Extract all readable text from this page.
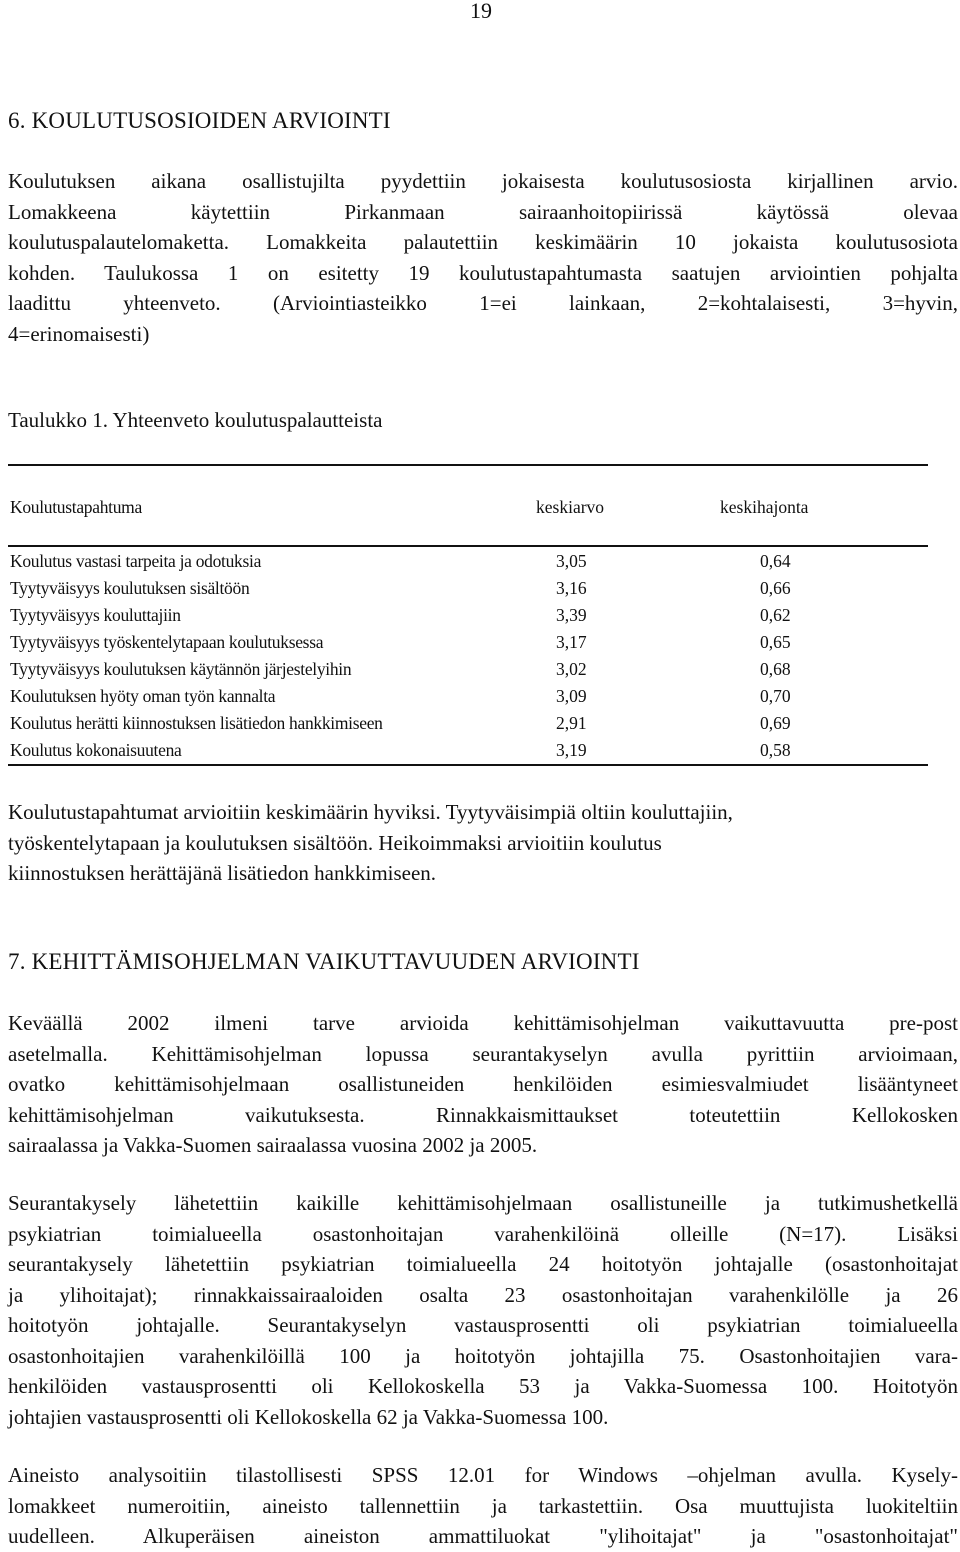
19
6. KOULUTUSOSIOIDEN ARVIOINTI

Koulutuksen aikana osallistujilta pyydettiin jokaisesta koulutusosiosta kirjallinen arvio.
Lomakkeena käytettiin Pirkanmaan sairaanhoitopiirissä käytössä olevaa
koulutuspalautelomaketta. Lomakkeita palautettiin keskimäärin 10 jokaista koulutusosiota
kohden. Taulukossa 1 on esitetty 19 koulutustapahtumasta saatujen arviointien pohjalta
laadittu yhteenveto. (Arviointiasteikko 1=ei lainkaan, 2=kohtalaisesti, 3=hyvin,
4=erinomaisesti)

Taulukko 1. Yhteenveto koulutuspalautteista

Koulutustapahtuma	keskiarvo	keskihajonta
Koulutus vastasi tarpeita ja odotuksia	3,05	0,64
Tyytyväisyys koulutuksen sisältöön	3,16	0,66
Tyytyväisyys kouluttajiin	3,39	0,62
Tyytyväisyys työskentelytapaan koulutuksessa	3,17	0,65
Tyytyväisyys koulutuksen käytännön järjestelyihin	3,02	0,68
Koulutuksen hyöty oman työn kannalta	3,09	0,70
Koulutus herätti kiinnostuksen lisätiedon hankkimiseen	2,91	0,69
Koulutus kokonaisuutena	3,19	0,58

Koulutustapahtumat arvioitiin keskimäärin hyviksi. Tyytyväisimpiä oltiin kouluttajiin,
työskentelytapaan ja koulutuksen sisältöön. Heikoimmaksi arvioitiin koulutus
kiinnostuksen herättäjänä lisätiedon hankkimiseen.

7. KEHITTÄMISOHJELMAN VAIKUTTAVUUDEN ARVIOINTI

Keväällä 2002 ilmeni tarve arvioida kehittämisohjelman vaikuttavuutta pre-post
asetelmalla. Kehittämisohjelman lopussa seurantakyselyn avulla pyrittiin arvioimaan,
ovatko kehittämisohjelmaan osallistuneiden henkilöiden esimiesvalmiudet lisääntyneet
kehittämisohjelman vaikutuksesta. Rinnakkaismittaukset toteutettiin Kellokosken
sairaalassa ja Vakka-Suomen sairaalassa vuosina 2002 ja 2005.

Seurantakysely lähetettiin kaikille kehittämisohjelmaan osallistuneille ja tutkimushetkellä
psykiatrian toimialueella osastonhoitajan varahenkilöinä olleille (N=17). Lisäksi
seurantakysely lähetettiin psykiatrian toimialueella 24 hoitotyön johtajalle (osastonhoitajat
ja ylihoitajat); rinnakkaissairaaloiden osalta 23 osastonhoitajan varahenkilölle ja 26
hoitotyön johtajalle. Seurantakyselyn vastausprosentti oli psykiatrian toimialueella
osastonhoitajien varahenkilöillä 100 ja hoitotyön johtajilla 75. Osastonhoitajien vara-
henkilöiden vastausprosentti oli Kellokoskella 53 ja Vakka-Suomessa 100. Hoitotyön
johtajien vastausprosentti oli Kellokoskella 62 ja Vakka-Suomessa 100.

Aineisto analysoitiin tilastollisesti SPSS 12.01 for Windows –ohjelman avulla. Kysely-
lomakkeet numeroitiin, aineisto tallennettiin ja tarkastettiin. Osa muuttujista luokiteltiin
uudelleen. Alkuperäisen aineiston ammattiluokat "ylihoitajat" ja "osastonhoitajat"
